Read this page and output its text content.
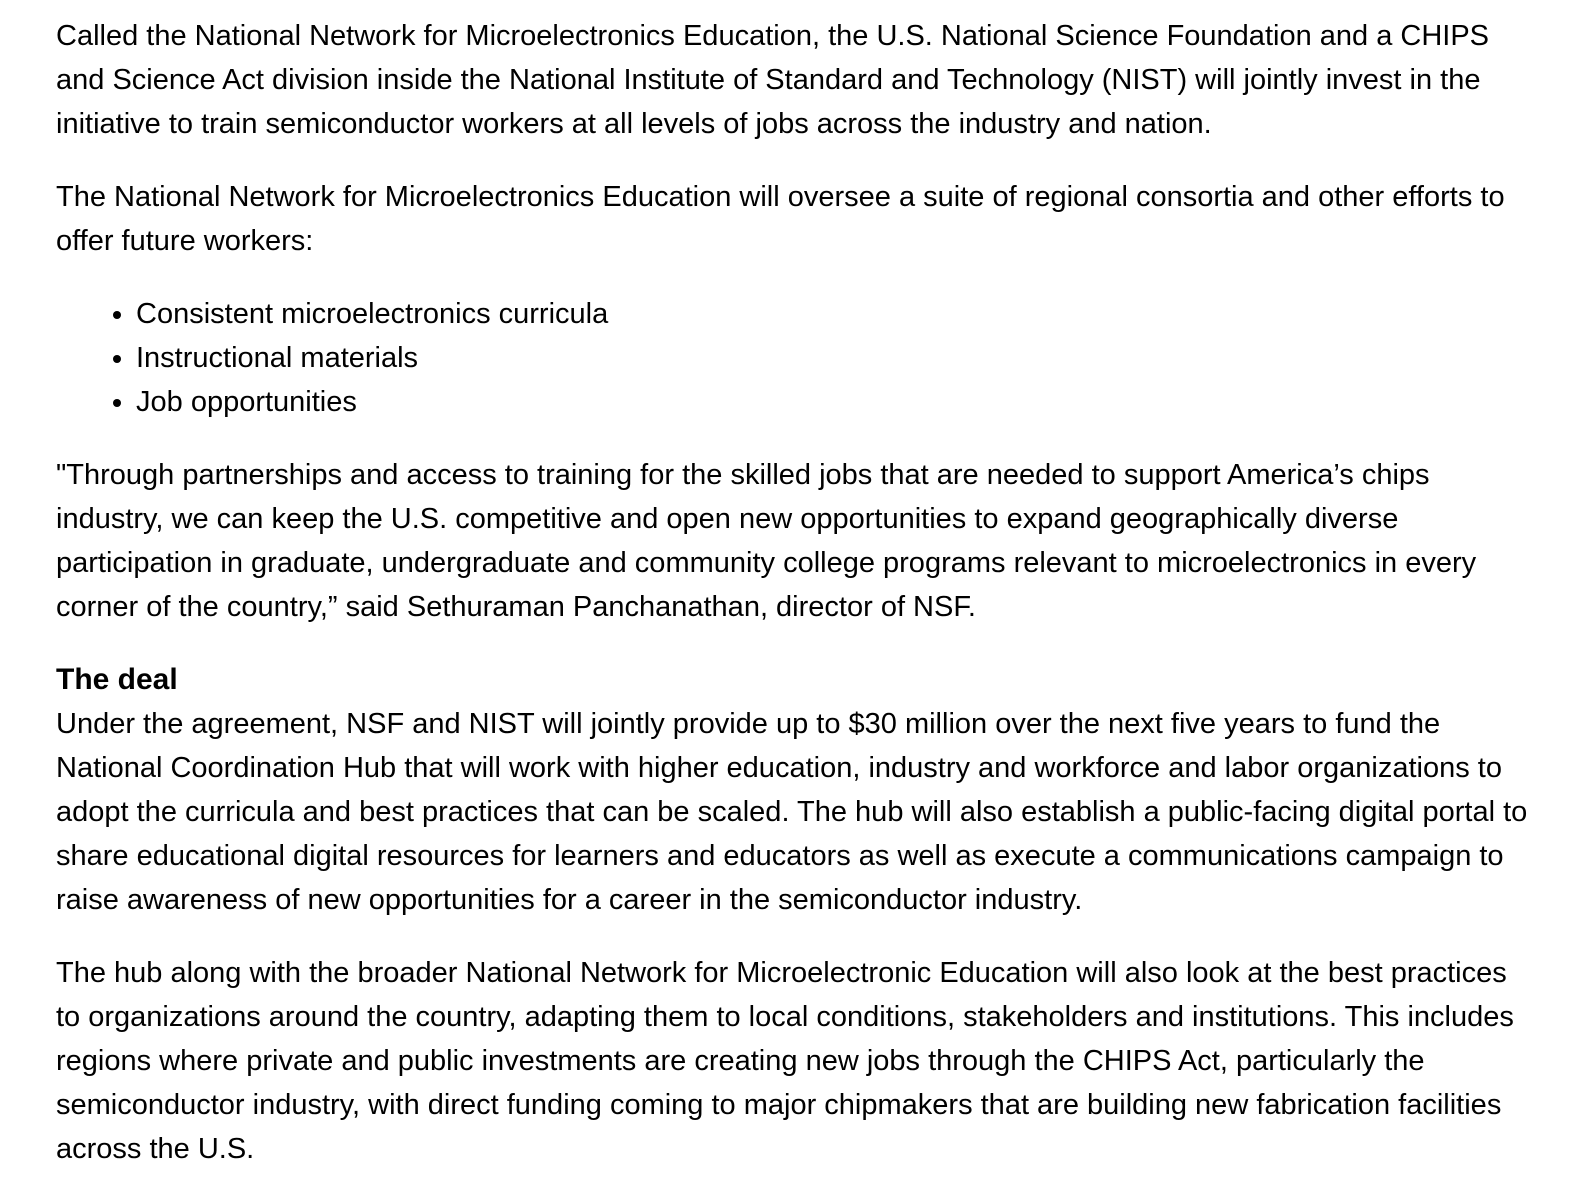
Called the National Network for Microelectronics Education, the U.S. National Science Foundation and a CHIPS and Science Act division inside the National Institute of Standard and Technology (NIST) will jointly invest in the initiative to train semiconductor workers at all levels of jobs across the industry and nation.

The National Network for Microelectronics Education will oversee a suite of regional consortia and other efforts to offer future workers:

• Consistent microelectronics curricula
• Instructional materials
• Job opportunities

"Through partnerships and access to training for the skilled jobs that are needed to support America’s chips industry, we can keep the U.S. competitive and open new opportunities to expand geographically diverse participation in graduate, undergraduate and community college programs relevant to microelectronics in every corner of the country,” said Sethuraman Panchanathan, director of NSF.

The deal

Under the agreement, NSF and NIST will jointly provide up to $30 million over the next five years to fund the National Coordination Hub that will work with higher education, industry and workforce and labor organizations to adopt the curricula and best practices that can be scaled. The hub will also establish a public-facing digital portal to share educational digital resources for learners and educators as well as execute a communications campaign to raise awareness of new opportunities for a career in the semiconductor industry.

The hub along with the broader National Network for Microelectronic Education will also look at the best practices to organizations around the country, adapting them to local conditions, stakeholders and institutions. This includes regions where private and public investments are creating new jobs through the CHIPS Act, particularly the semiconductor industry, with direct funding coming to major chipmakers that are building new fabrication facilities across the U.S.
